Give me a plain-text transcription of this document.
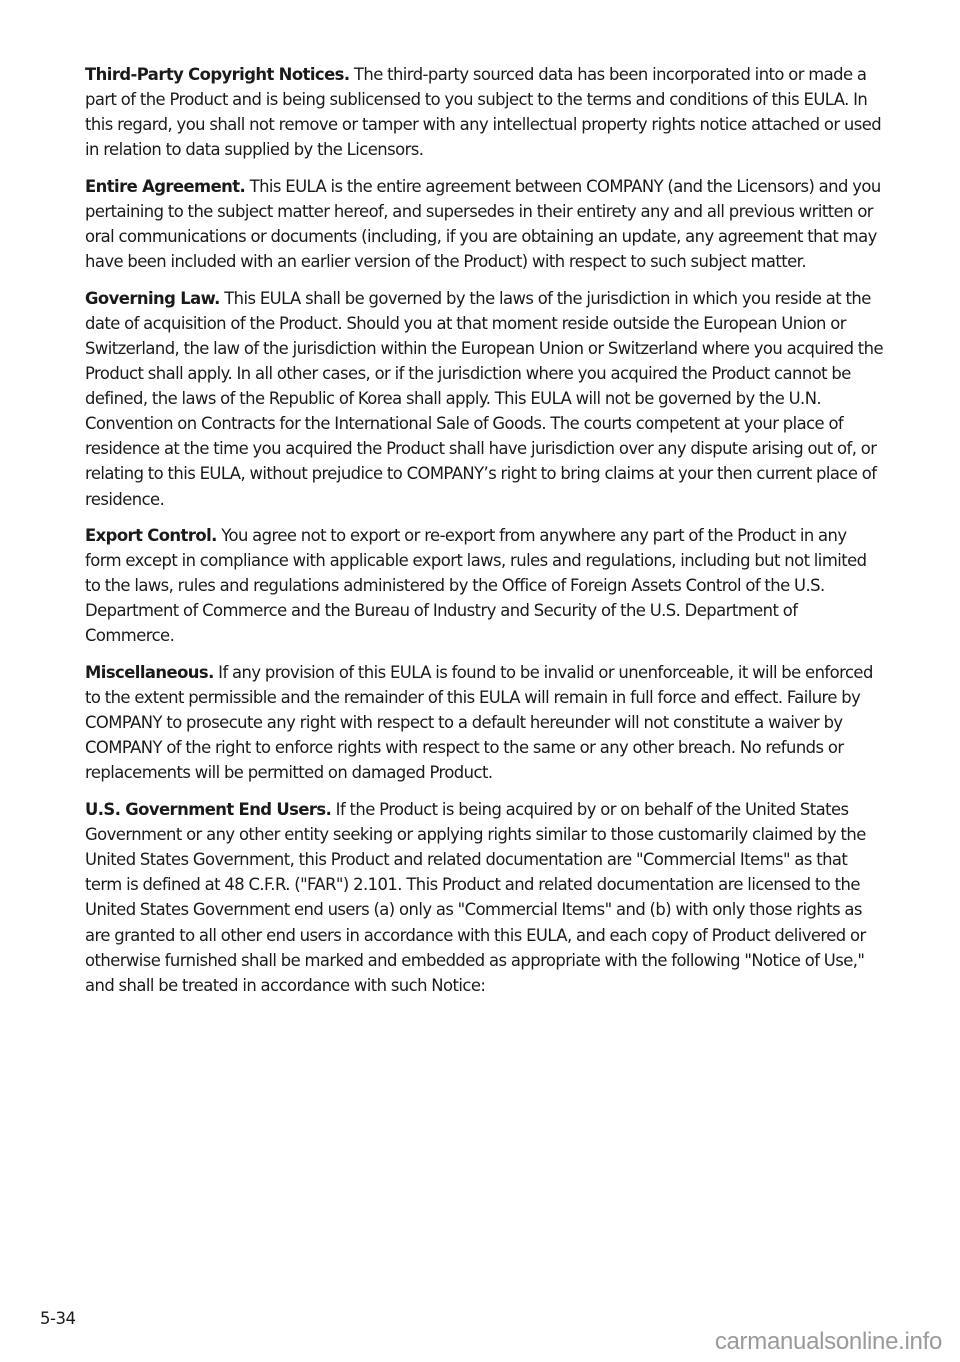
Third-Party Copyright Notices. The third-party sourced data has been incorporated into or made a part of the Product and is being sublicensed to you subject to the terms and conditions of this EULA. In this regard, you shall not remove or tamper with any intellectual property rights notice attached or used in relation to data supplied by the Licensors.

Entire Agreement. This EULA is the entire agreement between COMPANY (and the Licensors) and you pertaining to the subject matter hereof, and supersedes in their entirety any and all previous written or oral communications or documents (including, if you are obtaining an update, any agreement that may have been included with an earlier version of the Product) with respect to such subject matter.

Governing Law. This EULA shall be governed by the laws of the jurisdiction in which you reside at the date of acquisition of the Product. Should you at that moment reside outside the European Union or Switzerland, the law of the jurisdiction within the European Union or Switzerland where you acquired the Product shall apply. In all other cases, or if the jurisdiction where you acquired the Product cannot be defined, the laws of the Republic of Korea shall apply. This EULA will not be governed by the U.N. Convention on Contracts for the International Sale of Goods. The courts competent at your place of residence at the time you acquired the Product shall have jurisdiction over any dispute arising out of, or relating to this EULA, without prejudice to COMPANY’s right to bring claims at your then current place of residence.

Export Control. You agree not to export or re-export from anywhere any part of the Product in any form except in compliance with applicable export laws, rules and regulations, including but not limited to the laws, rules and regulations administered by the Office of Foreign Assets Control of the U.S. Department of Commerce and the Bureau of Industry and Security of the U.S. Department of Commerce.

Miscellaneous. If any provision of this EULA is found to be invalid or unenforceable, it will be enforced to the extent permissible and the remainder of this EULA will remain in full force and effect. Failure by COMPANY to prosecute any right with respect to a default hereunder will not constitute a waiver by COMPANY of the right to enforce rights with respect to the same or any other breach. No refunds or replacements will be permitted on damaged Product.

U.S. Government End Users. If the Product is being acquired by or on behalf of the United States Government or any other entity seeking or applying rights similar to those customarily claimed by the United States Government, this Product and related documentation are "Commercial Items" as that term is defined at 48 C.F.R. ("FAR") 2.101. This Product and related documentation are licensed to the United States Government end users (a) only as "Commercial Items" and (b) with only those rights as are granted to all other end users in accordance with this EULA, and each copy of Product delivered or otherwise furnished shall be marked and embedded as appropriate with the following "Notice of Use," and shall be treated in accordance with such Notice:

5-34
carmanualsonline.info
